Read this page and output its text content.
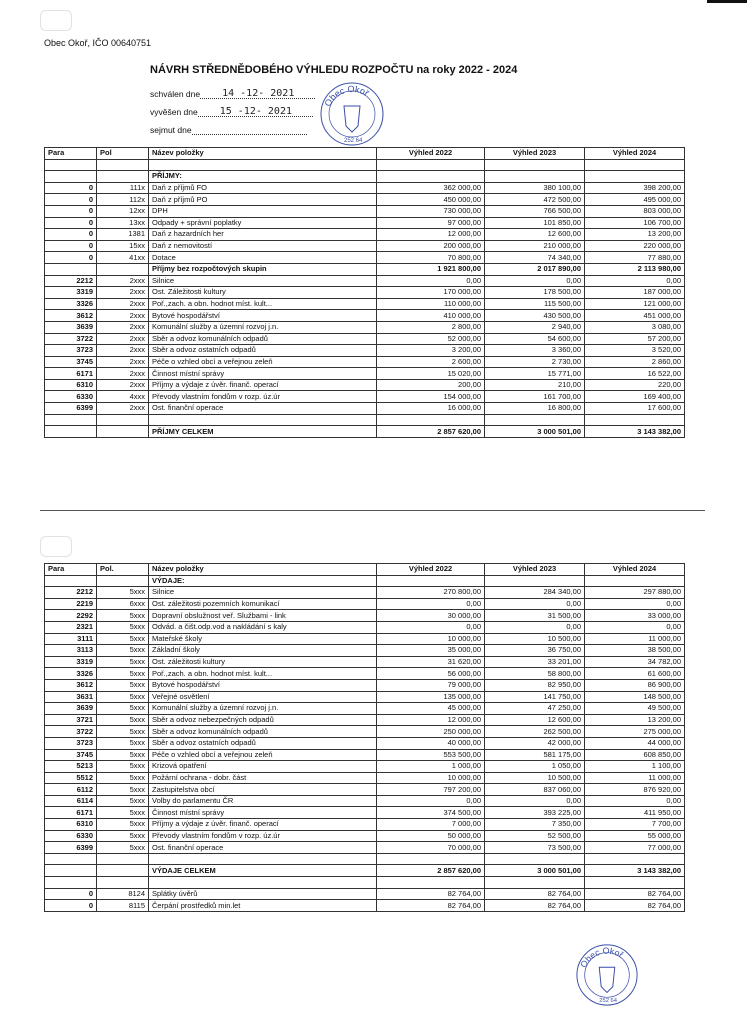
Obec Okoř, IČO 00640751
NÁVRH STŘEDNĚDOBÉHO VÝHLEDU ROZPOČTU na roky 2022 - 2024
schválen dne 14 -12- 2021
vyvěšen dne 15 -12- 2021
sejmut dne
Obec Okoř
252 64
Para	Pol	Název položky	Výhled 2022	Výhled 2023	Výhled 2024

		PŘÍJMY:			
0	111x	Daň z příjmů FO	362 000,00	380 100,00	398 200,00
0	112x	Daň z příjmů PO	450 000,00	472 500,00	495 000,00
0	12xx	DPH	730 000,00	766 500,00	803 000,00
0	13xx	Odpady + správní poplatky	97 000,00	101 850,00	106 700,00
0	1381	Daň z hazardních her	12 000,00	12 600,00	13 200,00
0	15xx	Daň z nemovitostí	200 000,00	210 000,00	220 000,00
0	41xx	Dotace	70 800,00	74 340,00	77 880,00
		Příjmy bez rozpočtových skupin	1 921 800,00	2 017 890,00	2 113 980,00
2212	2xxx	Silnice	0,00	0,00	0,00
3319	2xxx	Ost. Záležitosti kultury	170 000,00	178 500,00	187 000,00
3326	2xxx	Poř.,zach. a obn. hodnot míst. kult...	110 000,00	115 500,00	121 000,00
3612	2xxx	Bytové hospodářství	410 000,00	430 500,00	451 000,00
3639	2xxx	Komunální služby a územní rozvoj j.n.	2 800,00	2 940,00	3 080,00
3722	2xxx	Sběr a odvoz komunálních odpadů	52 000,00	54 600,00	57 200,00
3723	2xxx	Sběr a odvoz ostatních odpadů	3 200,00	3 360,00	3 520,00
3745	2xxx	Péče o vzhled obcí a veřejnou zeleň	2 600,00	2 730,00	2 860,00
6171	2xxx	Činnost místní správy	15 020,00	15 771,00	16 522,00
6310	2xxx	Příjmy a výdaje z úvěr. finanč. operací	200,00	210,00	220,00
6330	4xxx	Převody vlastním fondům v rozp. úz.úr	154 000,00	161 700,00	169 400,00
6399	2xxx	Ost. finanční operace	16 000,00	16 800,00	17 600,00

		PŘÍJMY CELKEM	2 857 620,00	3 000 501,00	3 143 382,00
Para	Pol.	Název položky	Výhled 2022	Výhled 2023	Výhled 2024
		VÝDAJE:			
2212	5xxx	Silnice	270 800,00	284 340,00	297 880,00
2219	6xxx	Ost. záležitosti pozemních komunikací	0,00	0,00	0,00
2292	5xxx	Dopravní obslužnost veř. Službami - link	30 000,00	31 500,00	33 000,00
2321	5xxx	Odvád. a čišt.odp.vod a nakládání s kaly	0,00	0,00	0,00
3111	5xxx	Mateřské školy	10 000,00	10 500,00	11 000,00
3113	5xxx	Základní školy	35 000,00	36 750,00	38 500,00
3319	5xxx	Ost. záležitosti kultury	31 620,00	33 201,00	34 782,00
3326	5xxx	Poř.,zach. a obn. hodnot míst. kult...	56 000,00	58 800,00	61 600,00
3612	5xxx	Bytové hospodářství	79 000,00	82 950,00	86 900,00
3631	5xxx	Veřejné osvětlení	135 000,00	141 750,00	148 500,00
3639	5xxx	Komunální služby a územní rozvoj j.n.	45 000,00	47 250,00	49 500,00
3721	5xxx	Sběr a odvoz nebezpečných odpadů	12 000,00	12 600,00	13 200,00
3722	5xxx	Sběr a odvoz komunálních odpadů	250 000,00	262 500,00	275 000,00
3723	5xxx	Sběr a odvoz ostatních odpadů	40 000,00	42 000,00	44 000,00
3745	5xxx	Péče o vzhled obcí a veřejnou zeleň	553 500,00	581 175,00	608 850,00
5213	5xxx	Krizová opatření	1 000,00	1 050,00	1 100,00
5512	5xxx	Požární ochrana - dobr. část	10 000,00	10 500,00	11 000,00
6112	5xxx	Zastupitelstva obcí	797 200,00	837 060,00	876 920,00
6114	5xxx	Volby do parlamentu ČR	0,00	0,00	0,00
6171	5xxx	Činnost místní správy	374 500,00	393 225,00	411 950,00
6310	5xxx	Příjmy a výdaje z úvěr. finanč. operací	7 000,00	7 350,00	7 700,00
6330	5xxx	Převody vlastním fondům v rozp. úz.úr	50 000,00	52 500,00	55 000,00
6399	5xxx	Ost. finanční operace	70 000,00	73 500,00	77 000,00

		VÝDAJE CELKEM	2 857 620,00	3 000 501,00	3 143 382,00

0	8124	Splátky úvěrů	82 764,00	82 764,00	82 764,00
0	8115	Čerpání prostředků min.let	82 764,00	82 764,00	82 764,00
Obec Okoř
252 64
